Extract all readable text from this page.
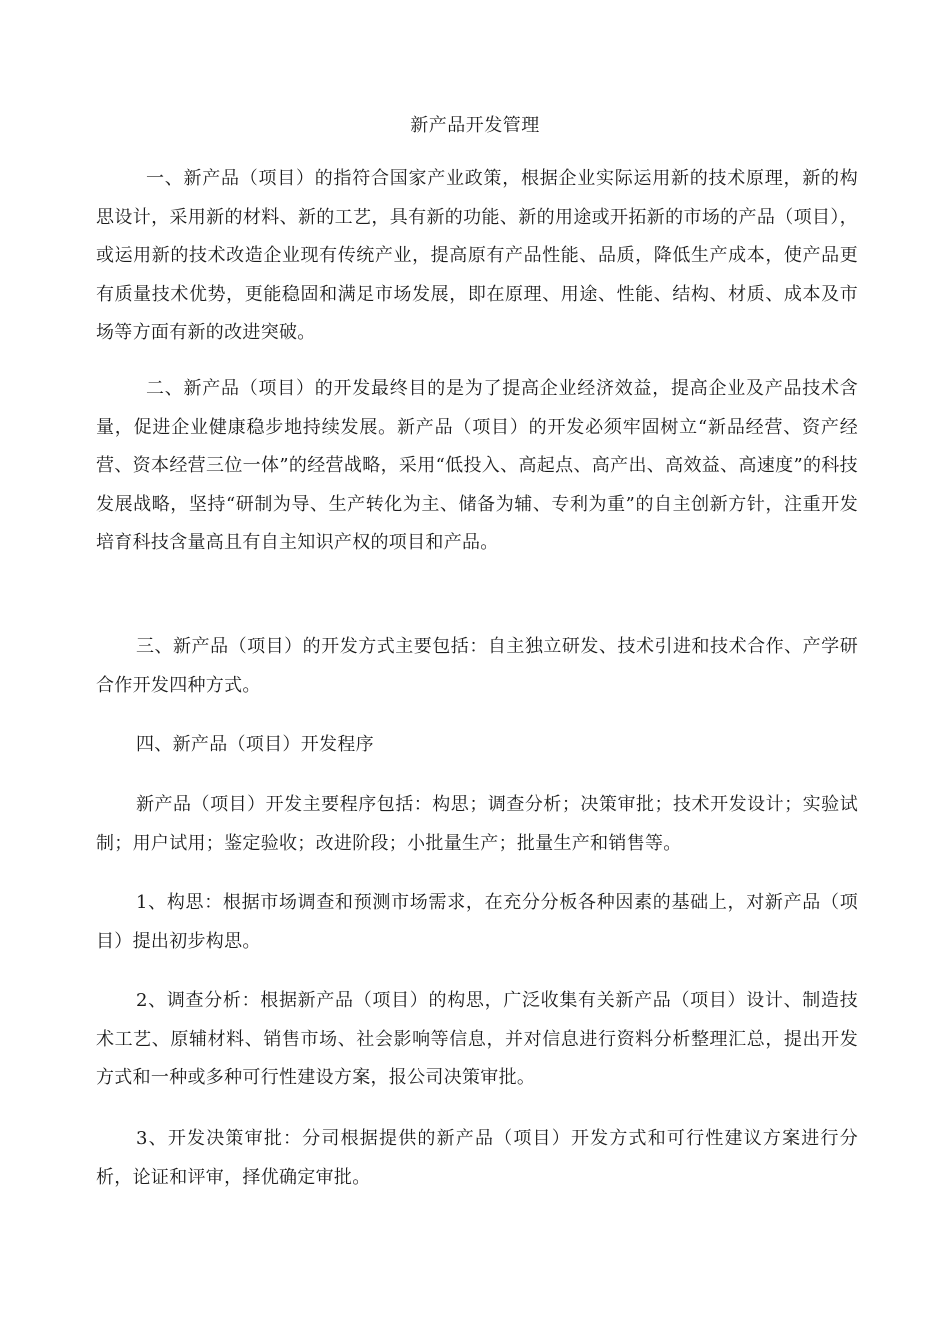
新产品开发管理

一、新产品（项目）的指符合国家产业政策，根据企业实际运用新的技术原理，新的构思设计，采用新的材料、新的工艺，具有新的功能、新的用途或开拓新的市场的产品（项目），或运用新的技术改造企业现有传统产业，提高原有产品性能、品质，降低生产成本，使产品更有质量技术优势，更能稳固和满足市场发展，即在原理、用途、性能、结构、材质、成本及市场等方面有新的改进突破。

二、新产品（项目）的开发最终目的是为了提高企业经济效益，提高企业及产品技术含量，促进企业健康稳步地持续发展。新产品（项目）的开发必须牢固树立“新品经营、资产经营、资本经营三位一体”的经营战略，采用“低投入、高起点、高产出、高效益、高速度”的科技发展战略，坚持“研制为导、生产转化为主、储备为辅、专利为重”的自主创新方针，注重开发培育科技含量高且有自主知识产权的项目和产品。

三、新产品（项目）的开发方式主要包括：自主独立研发、技术引进和技术合作、产学研合作开发四种方式。

四、新产品（项目）开发程序

新产品（项目）开发主要程序包括：构思；调查分析；决策审批；技术开发设计；实验试制；用户试用；鉴定验收；改进阶段；小批量生产；批量生产和销售等。

1、构思：根据市场调查和预测市场需求，在充分分板各种因素的基础上，对新产品（项目）提出初步构思。

2、调查分析：根据新产品（项目）的构思，广泛收集有关新产品（项目）设计、制造技术工艺、原辅材料、销售市场、社会影响等信息，并对信息进行资料分析整理汇总，提出开发方式和一种或多种可行性建设方案，报公司决策审批。

3、开发决策审批：分司根据提供的新产品（项目）开发方式和可行性建议方案进行分析，论证和评审，择优确定审批。
